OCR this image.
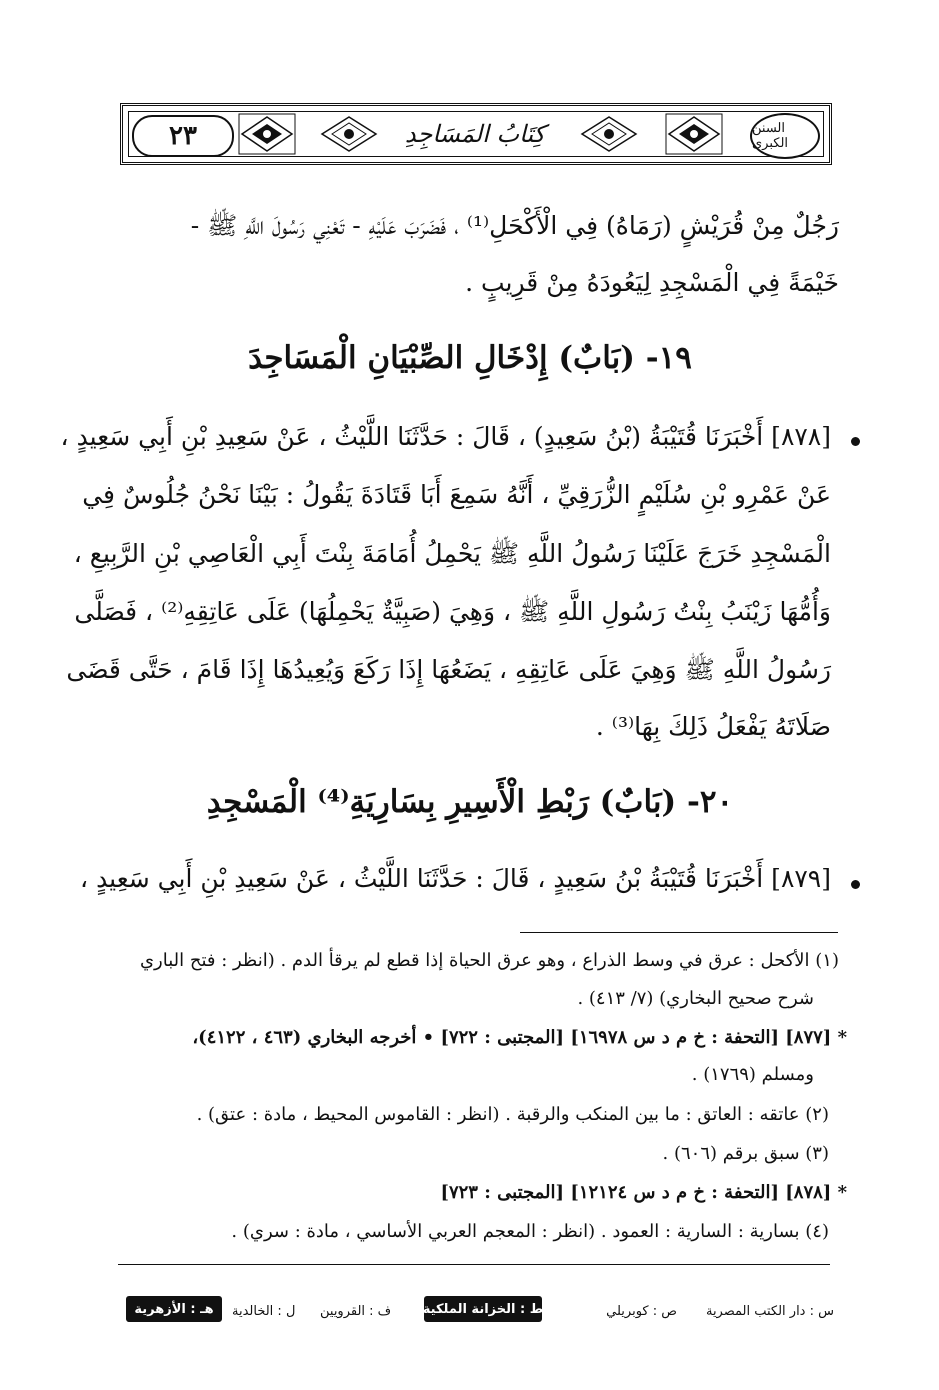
٢٣	كِتَابُ المَسَاجِدِ	السنن الكبرى
رَجُلٌ مِنْ قُرَيْشٍ (رَمَاهُ) فِي الْأَكْحَلِ⁽¹⁾ ، فَضَرَبَ عَلَيْهِ - تَعْنِي رَسُولَ اللَّهِ ﷺ -
خَيْمَةً فِي الْمَسْجِدِ لِيَعُودَهُ مِنْ قَرِيبٍ .
١٩- (بَابٌ) إِدْخَالِ الصِّبْيَانِ الْمَسَاجِدَ
[٨٧٨] أَخْبَرَنَا قُتَيْبَةُ (بْنُ سَعِيدٍ) ، قَالَ : حَدَّثَنَا اللَّيْثُ ، عَنْ سَعِيدِ بْنِ أَبِي سَعِيدٍ ،
عَنْ عَمْرِو بْنِ سُلَيْمٍ الزُّرَقِيِّ ، أَنَّهُ سَمِعَ أَبَا قَتَادَةَ يَقُولُ : بَيْنَا نَحْنُ جُلُوسٌ فِي
الْمَسْجِدِ خَرَجَ عَلَيْنَا رَسُولُ اللَّهِ ﷺ يَحْمِلُ أُمَامَةَ بِنْتَ أَبِي الْعَاصِي بْنِ الرَّبِيعِ ،
وَأُمُّهَا زَيْنَبُ بِنْتُ رَسُولِ اللَّهِ ﷺ ، وَهِيَ (صَبِيَّةٌ يَحْمِلُهَا) عَلَى عَاتِقِهِ⁽²⁾ ، فَصَلَّى
رَسُولُ اللَّهِ ﷺ وَهِيَ عَلَى عَاتِقِهِ ، يَضَعُهَا إِذَا رَكَعَ وَيُعِيدُهَا إِذَا قَامَ ، حَتَّى قَضَى
صَلَاتَهُ يَفْعَلُ ذَلِكَ بِهَا⁽³⁾ .
٢٠- (بَابٌ) رَبْطِ الْأَسِيرِ بِسَارِيَةِ⁽⁴⁾ الْمَسْجِدِ
[٨٧٩] أَخْبَرَنَا قُتَيْبَةُ بْنُ سَعِيدٍ ، قَالَ : حَدَّثَنَا اللَّيْثُ ، عَنْ سَعِيدِ بْنِ أَبِي سَعِيدٍ ،
(١) الأكحل : عرق في وسط الذراع ، وهو عرق الحياة إذا قطع لم يرقأ الدم . (انظر : فتح الباري
شرح صحيح البخاري) (٧/ ٤١٣) .
* [٨٧٧] [التحفة : خ م د س ١٦٩٧٨] [المجتبى : ٧٢٢] • أخرجه البخاري (٤٦٣ ، ٤١٢٢)،
ومسلم (١٧٦٩) .
(٢) عاتقه : العاتق : ما بين المنكب والرقبة . (انظر : القاموس المحيط ، مادة : عتق) .
(٣) سبق برقم (٦٠٦) .
* [٨٧٨] [التحفة : خ م د س ١٢١٢٤] [المجتبى : ٧٢٣]
(٤) بسارية : السارية : العمود . (انظر : المعجم العربي الأساسي ، مادة : سري) .
س : دار الكتب المصرية
ص : كوبريلي
ط : الخزانة الملكية
ف : القرويين
ل : الخالدية
هـ : الأزهرية
